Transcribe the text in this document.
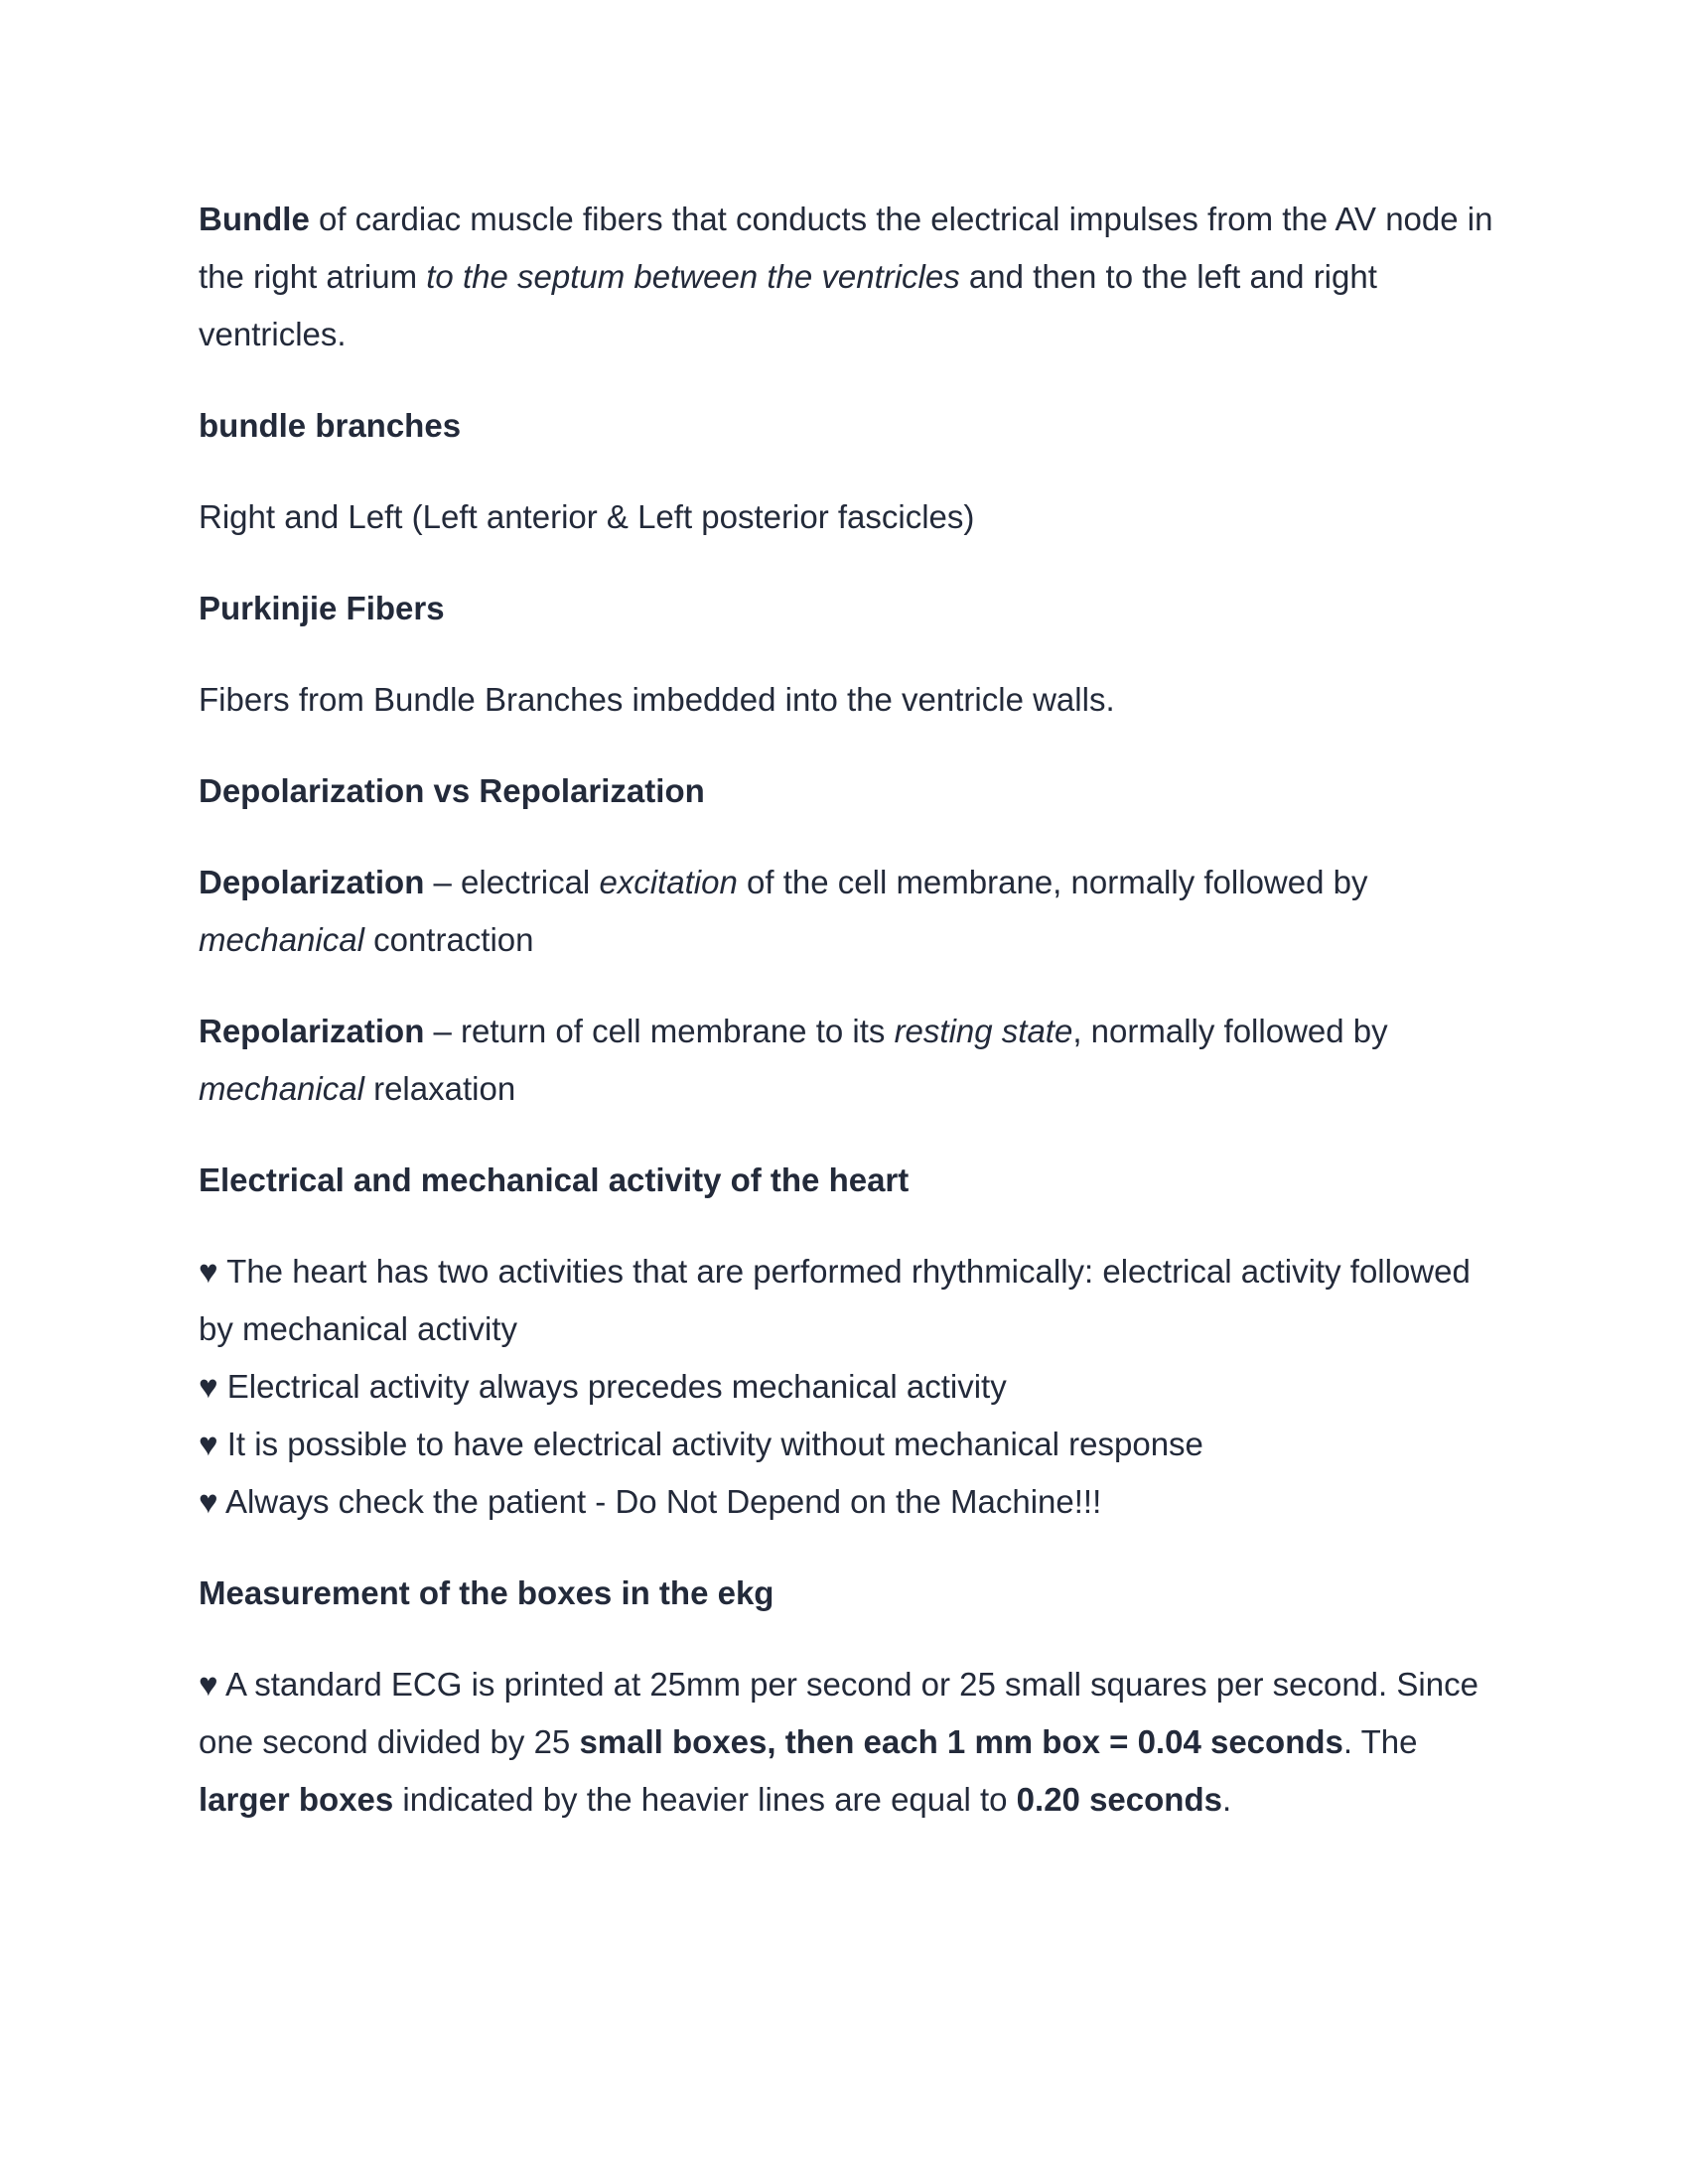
Bundle of cardiac muscle fibers that conducts the electrical impulses from the AV node in the right atrium to the septum between the ventricles and then to the left and right ventricles.

bundle branches

Right and Left (Left anterior & Left posterior fascicles)

Purkinjie Fibers

Fibers from Bundle Branches imbedded into the ventricle walls.

Depolarization vs Repolarization

Depolarization – electrical excitation of the cell membrane, normally followed by mechanical contraction

Repolarization – return of cell membrane to its resting state, normally followed by mechanical relaxation

Electrical and mechanical activity of the heart

♥ The heart has two activities that are performed rhythmically: electrical activity followed by mechanical activity
♥ Electrical activity always precedes mechanical activity
♥ It is possible to have electrical activity without mechanical response
♥ Always check the patient - Do Not Depend on the Machine!!!

Measurement of the boxes in the ekg

♥ A standard ECG is printed at 25mm per second or 25 small squares per second. Since one second divided by 25 small boxes, then each 1 mm box = 0.04 seconds. The larger boxes indicated by the heavier lines are equal to 0.20 seconds.
